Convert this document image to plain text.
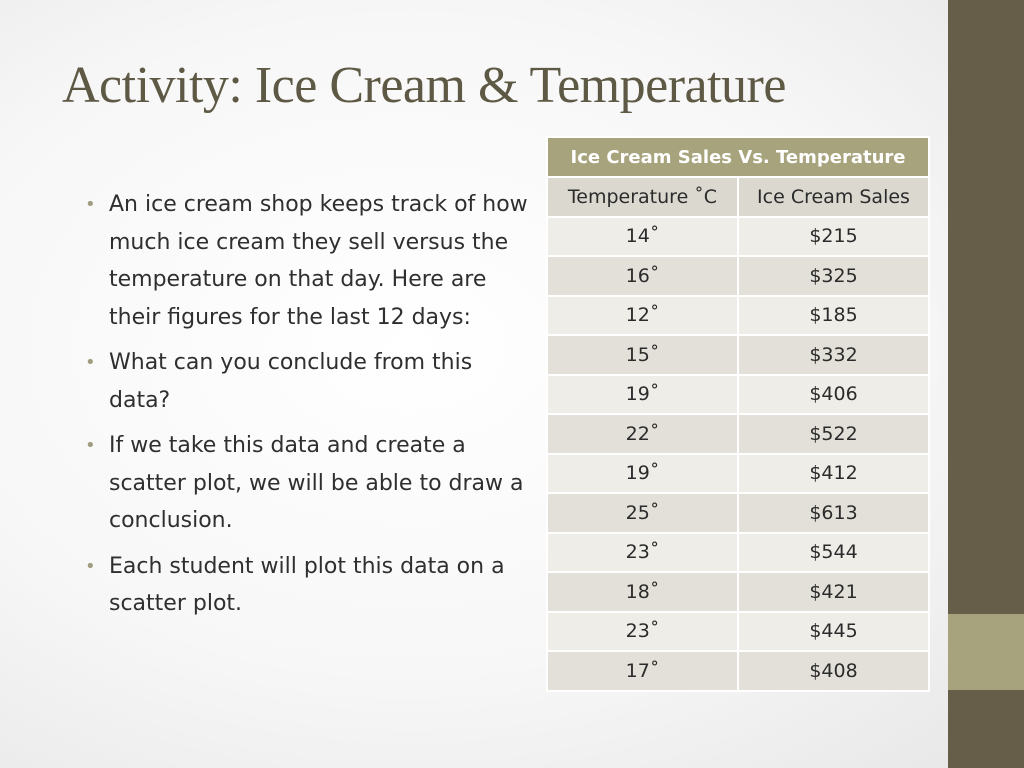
Activity: Ice Cream & Temperature
• An ice cream shop keeps track of how much ice cream they sell versus the temperature on that day. Here are their figures for the last 12 days:
• What can you conclude from this data?
• If we take this data and create a scatter plot, we will be able to draw a conclusion.
• Each student will plot this data on a scatter plot.
Ice Cream Sales Vs. Temperature	
Temperature ˚C	Ice Cream Sales
14˚	$215
16˚	$325
12˚	$185
15˚	$332
19˚	$406
22˚	$522
19˚	$412
25˚	$613
23˚	$544
18˚	$421
23˚	$445
17˚	$408
